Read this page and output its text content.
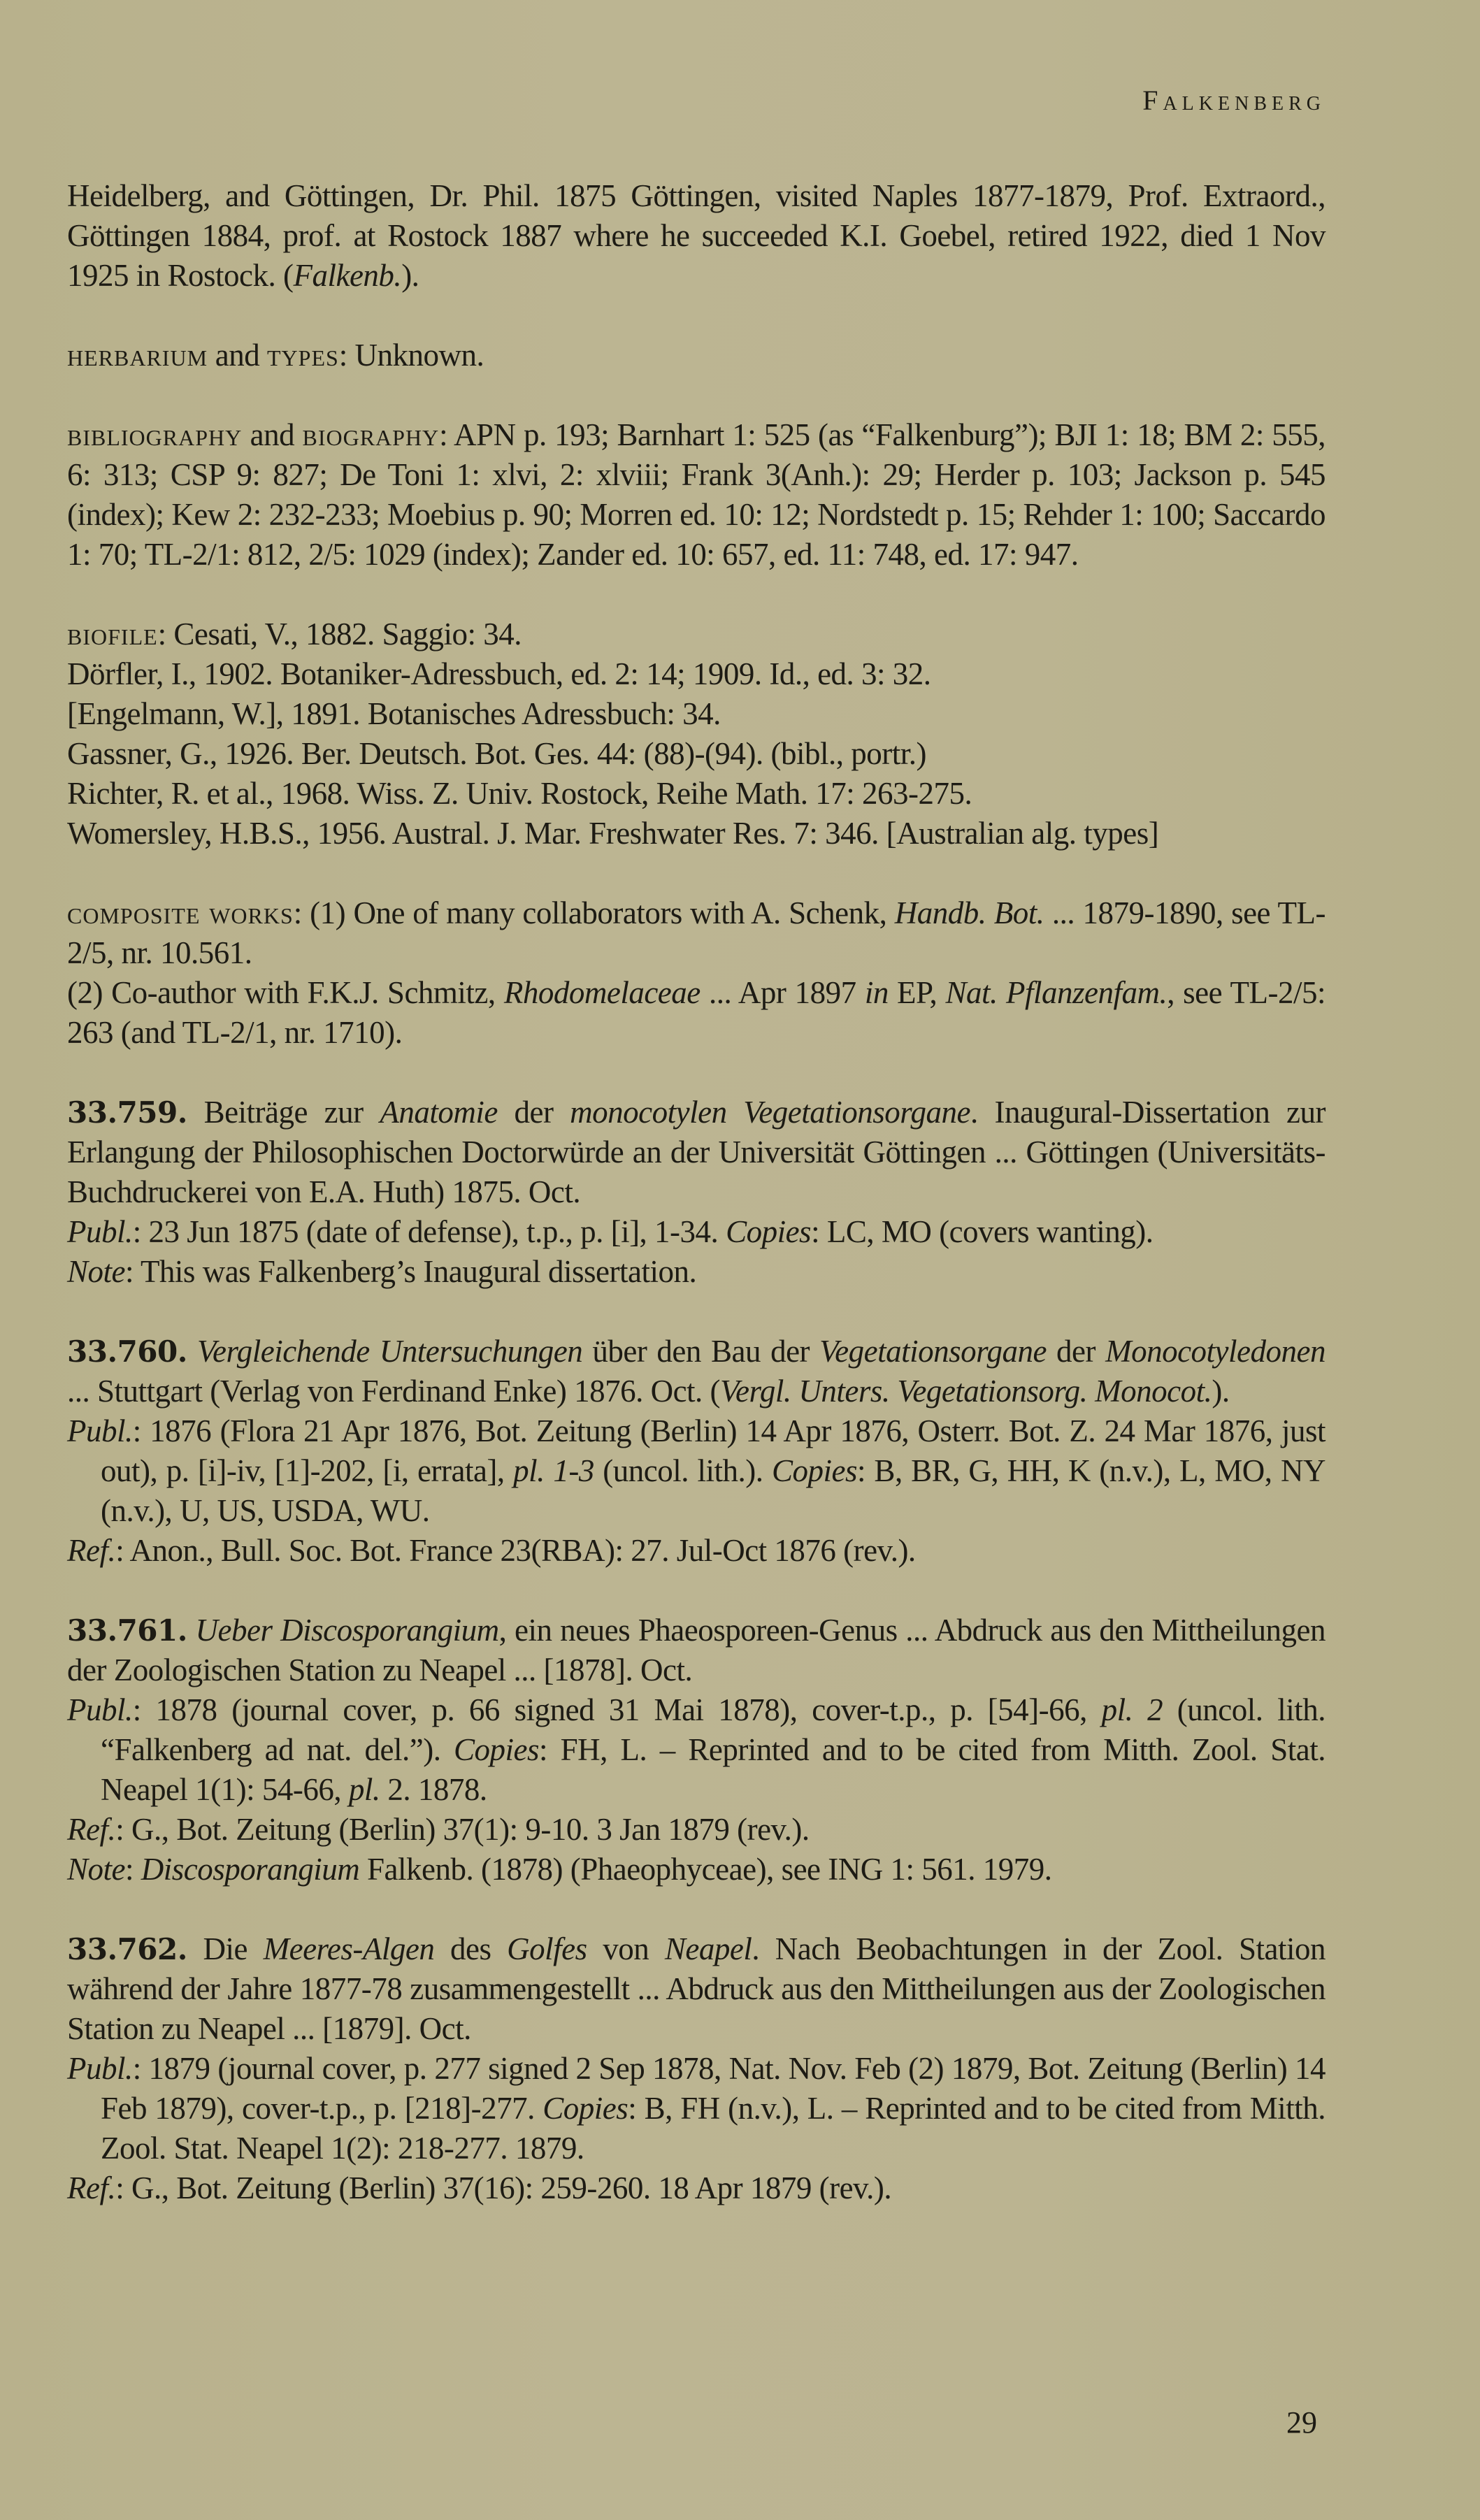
Falkenberg

Heidelberg, and Göttingen, Dr. Phil. 1875 Göttingen, visited Naples 1877-1879, Prof. Extraord., Göttingen 1884, prof. at Rostock 1887 where he succeeded K.I. Goebel, retired 1922, died 1 Nov 1925 in Rostock. (Falkenb.).

herbarium and types: Unknown.

bibliography and biography: APN p. 193; Barnhart 1: 525 (as “Falkenburg”); BJI 1: 18; BM 2: 555, 6: 313; CSP 9: 827; De Toni 1: xlvi, 2: xlviii; Frank 3(Anh.): 29; Herder p. 103; Jackson p. 545 (index); Kew 2: 232-233; Moebius p. 90; Morren ed. 10: 12; Nordstedt p. 15; Rehder 1: 100; Saccardo 1: 70; TL-2/1: 812, 2/5: 1029 (index); Zander ed. 10: 657, ed. 11: 748, ed. 17: 947.

biofile: Cesati, V., 1882. Saggio: 34.

Dörfler, I., 1902. Botaniker-Adressbuch, ed. 2: 14; 1909. Id., ed. 3: 32.

[Engelmann, W.], 1891. Botanisches Adressbuch: 34.

Gassner, G., 1926. Ber. Deutsch. Bot. Ges. 44: (88)-(94). (bibl., portr.)

Richter, R. et al., 1968. Wiss. Z. Univ. Rostock, Reihe Math. 17: 263-275.

Womersley, H.B.S., 1956. Austral. J. Mar. Freshwater Res. 7: 346. [Australian alg. types]

composite works: (1) One of many collaborators with A. Schenk, Handb. Bot. ... 1879-1890, see TL-2/5, nr. 10.561.

(2) Co-author with F.K.J. Schmitz, Rhodomelaceae ... Apr 1897 in EP, Nat. Pflanzenfam., see TL-2/5: 263 (and TL-2/1, nr. 1710).

33.759. Beiträge zur Anatomie der monocotylen Vegetationsorgane. Inaugural-Dissertation zur Erlangung der Philosophischen Doctorwürde an der Universität Göttingen ... Göttingen (Universitäts-Buchdruckerei von E.A. Huth) 1875. Oct.

Publ.: 23 Jun 1875 (date of defense), t.p., p. [i], 1-34. Copies: LC, MO (covers wanting).

Note: This was Falkenberg’s Inaugural dissertation.

33.760. Vergleichende Untersuchungen über den Bau der Vegetationsorgane der Monocotyledonen ... Stuttgart (Verlag von Ferdinand Enke) 1876. Oct. (Vergl. Unters. Vegetationsorg. Monocot.).

Publ.: 1876 (Flora 21 Apr 1876, Bot. Zeitung (Berlin) 14 Apr 1876, Osterr. Bot. Z. 24 Mar 1876, just out), p. [i]-iv, [1]-202, [i, errata], pl. 1-3 (uncol. lith.). Copies: B, BR, G, HH, K (n.v.), L, MO, NY (n.v.), U, US, USDA, WU.

Ref.: Anon., Bull. Soc. Bot. France 23(RBA): 27. Jul-Oct 1876 (rev.).

33.761. Ueber Discosporangium, ein neues Phaeosporeen-Genus ... Abdruck aus den Mittheilungen der Zoologischen Station zu Neapel ... [1878]. Oct.

Publ.: 1878 (journal cover, p. 66 signed 31 Mai 1878), cover-t.p., p. [54]-66, pl. 2 (uncol. lith. “Falkenberg ad nat. del.”). Copies: FH, L. – Reprinted and to be cited from Mitth. Zool. Stat. Neapel 1(1): 54-66, pl. 2. 1878.

Ref.: G., Bot. Zeitung (Berlin) 37(1): 9-10. 3 Jan 1879 (rev.).

Note: Discosporangium Falkenb. (1878) (Phaeophyceae), see ING 1: 561. 1979.

33.762. Die Meeres-Algen des Golfes von Neapel. Nach Beobachtungen in der Zool. Station während der Jahre 1877-78 zusammengestellt ... Abdruck aus den Mittheilungen aus der Zoologischen Station zu Neapel ... [1879]. Oct.

Publ.: 1879 (journal cover, p. 277 signed 2 Sep 1878, Nat. Nov. Feb (2) 1879, Bot. Zeitung (Berlin) 14 Feb 1879), cover-t.p., p. [218]-277. Copies: B, FH (n.v.), L. – Reprinted and to be cited from Mitth. Zool. Stat. Neapel 1(2): 218-277. 1879.

Ref.: G., Bot. Zeitung (Berlin) 37(16): 259-260. 18 Apr 1879 (rev.).

29
